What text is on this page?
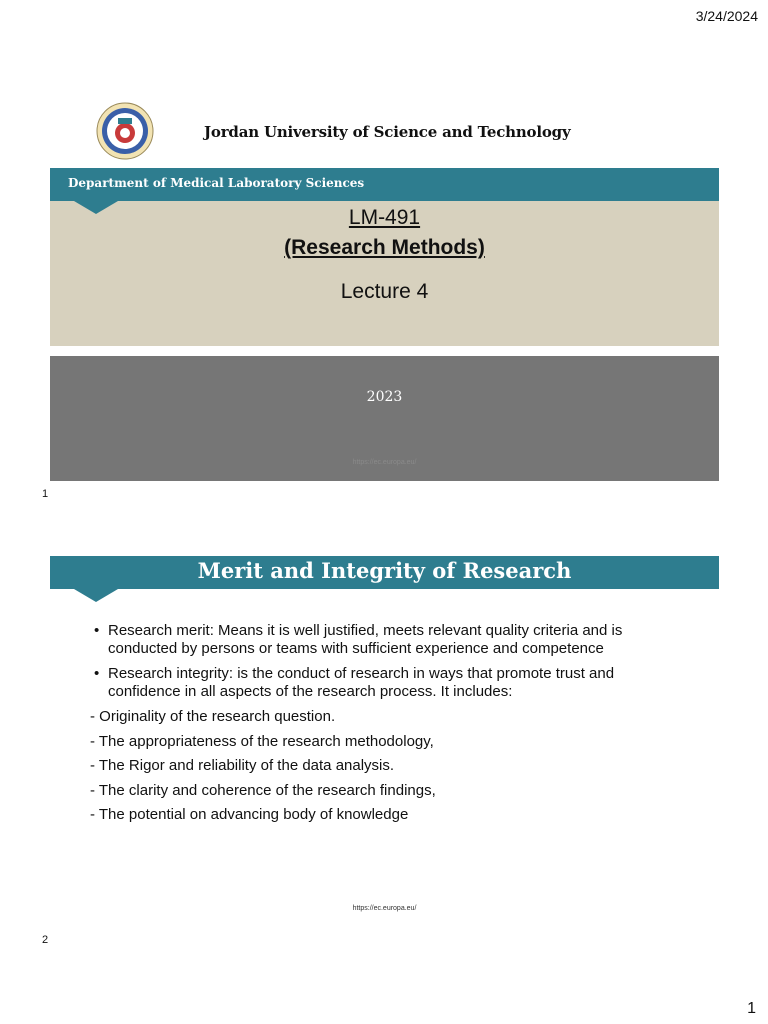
3/24/2024
Jordan University of Science and Technology
Department of Medical Laboratory Sciences
LM-491
(Research Methods)
Lecture 4
2023
https://ec.europa.eu/
1
Merit and Integrity of Research
• Research merit: Means it is well justified, meets relevant quality criteria and is conducted by persons or teams with sufficient experience and competence
• Research integrity: is the conduct of research in ways that promote trust and confidence in all aspects of the research process. It includes:
- Originality of the research question.
- The appropriateness of the research methodology,
- The Rigor and reliability of the data analysis.
- The clarity and coherence of the research findings,
- The potential on advancing body of knowledge
https://ec.europa.eu/
2
1
